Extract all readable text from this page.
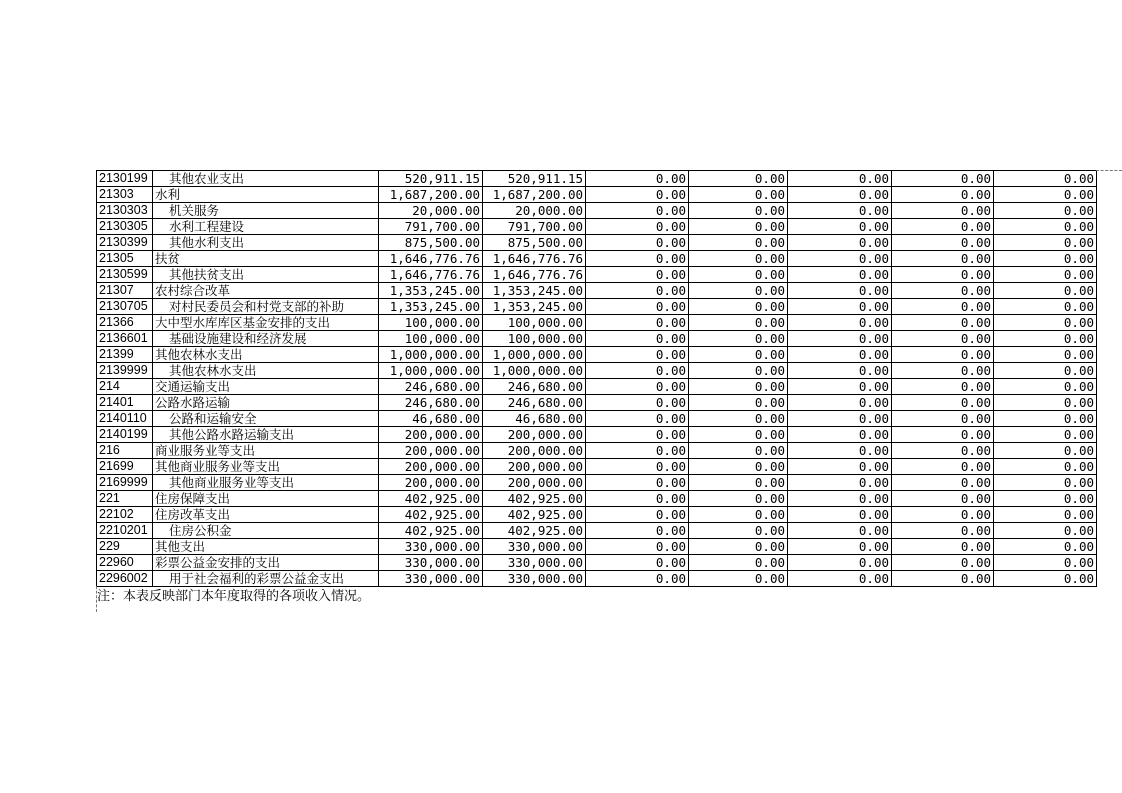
2130199	其他农业支出	520,911.15	520,911.15	0.00	0.00	0.00	0.00	0.00
21303	水利	1,687,200.00	1,687,200.00	0.00	0.00	0.00	0.00	0.00
2130303	机关服务	20,000.00	20,000.00	0.00	0.00	0.00	0.00	0.00
2130305	水利工程建设	791,700.00	791,700.00	0.00	0.00	0.00	0.00	0.00
2130399	其他水利支出	875,500.00	875,500.00	0.00	0.00	0.00	0.00	0.00
21305	扶贫	1,646,776.76	1,646,776.76	0.00	0.00	0.00	0.00	0.00
2130599	其他扶贫支出	1,646,776.76	1,646,776.76	0.00	0.00	0.00	0.00	0.00
21307	农村综合改革	1,353,245.00	1,353,245.00	0.00	0.00	0.00	0.00	0.00
2130705	对村民委员会和村党支部的补助	1,353,245.00	1,353,245.00	0.00	0.00	0.00	0.00	0.00
21366	大中型水库库区基金安排的支出	100,000.00	100,000.00	0.00	0.00	0.00	0.00	0.00
2136601	基础设施建设和经济发展	100,000.00	100,000.00	0.00	0.00	0.00	0.00	0.00
21399	其他农林水支出	1,000,000.00	1,000,000.00	0.00	0.00	0.00	0.00	0.00
2139999	其他农林水支出	1,000,000.00	1,000,000.00	0.00	0.00	0.00	0.00	0.00
214	交通运输支出	246,680.00	246,680.00	0.00	0.00	0.00	0.00	0.00
21401	公路水路运输	246,680.00	246,680.00	0.00	0.00	0.00	0.00	0.00
2140110	公路和运输安全	46,680.00	46,680.00	0.00	0.00	0.00	0.00	0.00
2140199	其他公路水路运输支出	200,000.00	200,000.00	0.00	0.00	0.00	0.00	0.00
216	商业服务业等支出	200,000.00	200,000.00	0.00	0.00	0.00	0.00	0.00
21699	其他商业服务业等支出	200,000.00	200,000.00	0.00	0.00	0.00	0.00	0.00
2169999	其他商业服务业等支出	200,000.00	200,000.00	0.00	0.00	0.00	0.00	0.00
221	住房保障支出	402,925.00	402,925.00	0.00	0.00	0.00	0.00	0.00
22102	住房改革支出	402,925.00	402,925.00	0.00	0.00	0.00	0.00	0.00
2210201	住房公积金	402,925.00	402,925.00	0.00	0.00	0.00	0.00	0.00
229	其他支出	330,000.00	330,000.00	0.00	0.00	0.00	0.00	0.00
22960	彩票公益金安排的支出	330,000.00	330,000.00	0.00	0.00	0.00	0.00	0.00
2296002	用于社会福利的彩票公益金支出	330,000.00	330,000.00	0.00	0.00	0.00	0.00	0.00
注：本表反映部门本年度取得的各项收入情况。
